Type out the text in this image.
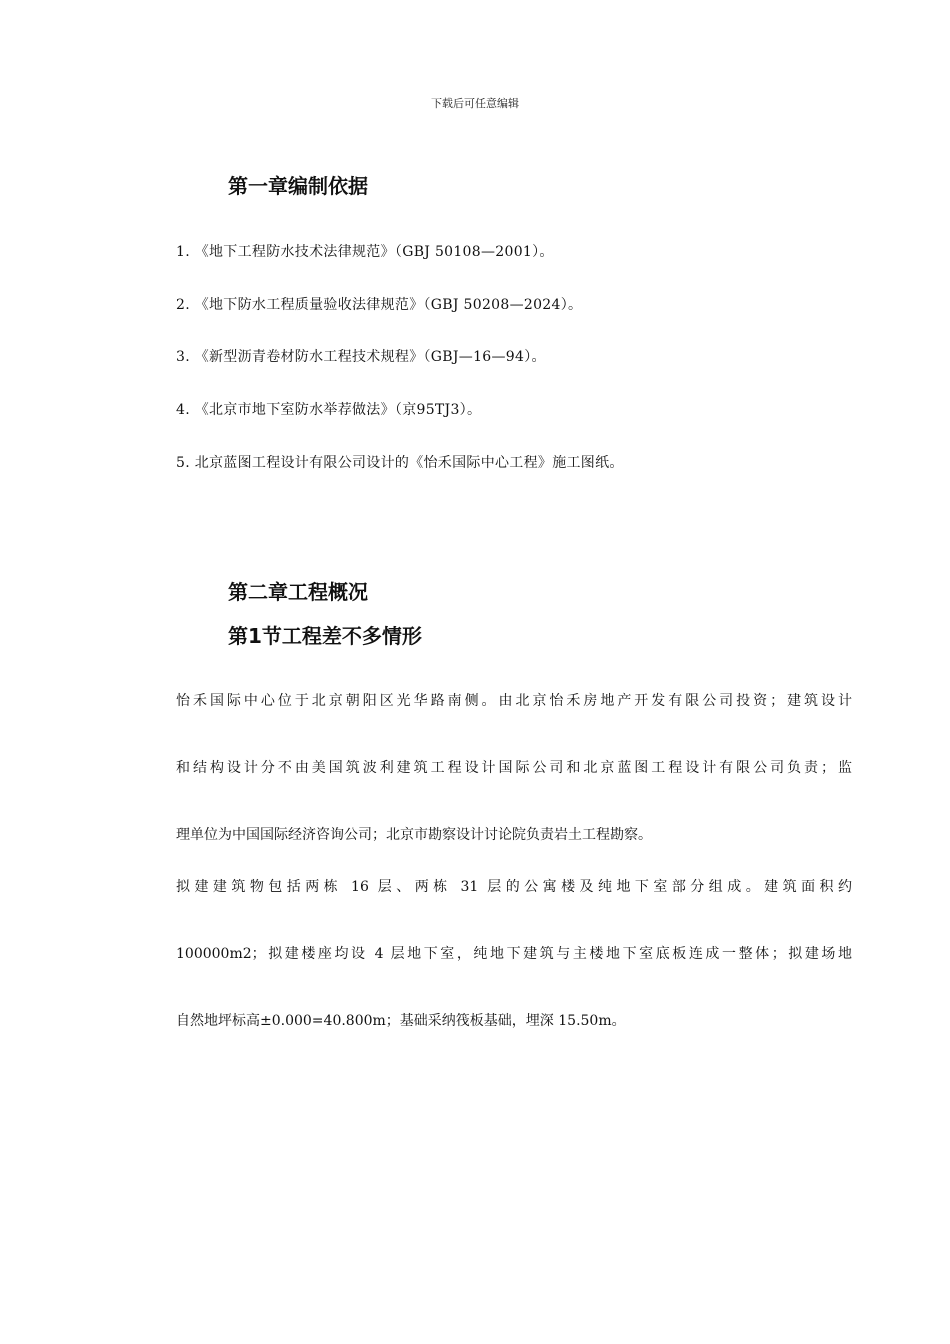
下载后可任意编辑
第一章编制依据
1. 《地下工程防水技术法律规范》（GBJ 50108—2001）。
2. 《地下防水工程质量验收法律规范》（GBJ 50208—2024）。
3. 《新型沥青卷材防水工程技术规程》（GBJ—16—94）。
4. 《北京市地下室防水举荐做法》（京95TJ3）。
5. 北京蓝图工程设计有限公司设计的《怡禾国际中心工程》施工图纸。
第二章工程概况
第1节工程差不多情形
怡禾国际中心位于北京朝阳区光华路南侧。由北京怡禾房地产开发有限公司投资；建筑设计
和结构设计分不由美国筑波利建筑工程设计国际公司和北京蓝图工程设计有限公司负责；监
理单位为中国国际经济咨询公司；北京市勘察设计讨论院负责岩土工程勘察。
拟建建筑物包括两栋 16 层、两栋 31 层的公寓楼及纯地下室部分组成。建筑面积约
100000m2；拟建楼座均设 4 层地下室，纯地下建筑与主楼地下室底板连成一整体；拟建场地
自然地坪标高±0.000=40.800m；基础采纳筏板基础，埋深 15.50m。
